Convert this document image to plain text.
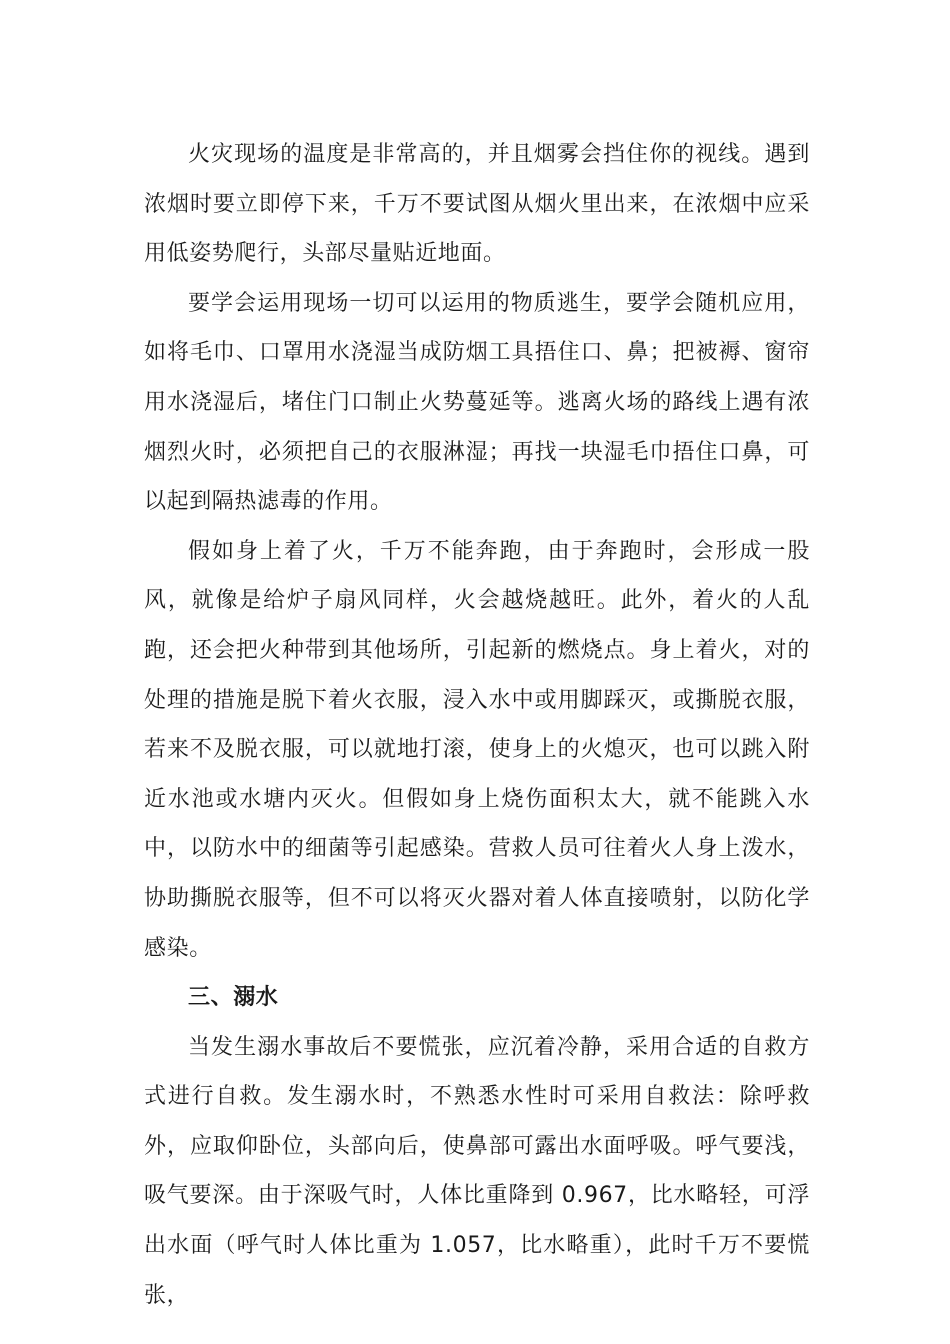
火灾现场的温度是非常高的，并且烟雾会挡住你的视线。遇到浓烟时要立即停下来，千万不要试图从烟火里出来，在浓烟中应采用低姿势爬行，头部尽量贴近地面。

要学会运用现场一切可以运用的物质逃生，要学会随机应用，如将毛巾、口罩用水浇湿当成防烟工具捂住口、鼻；把被褥、窗帘用水浇湿后，堵住门口制止火势蔓延等。逃离火场的路线上遇有浓烟烈火时，必须把自己的衣服淋湿；再找一块湿毛巾捂住口鼻，可以起到隔热滤毒的作用。

假如身上着了火，千万不能奔跑，由于奔跑时，会形成一股风，就像是给炉子扇风同样，火会越烧越旺。此外，着火的人乱跑，还会把火种带到其他场所，引起新的燃烧点。身上着火，对的处理的措施是脱下着火衣服，浸入水中或用脚踩灭，或撕脱衣服，若来不及脱衣服，可以就地打滚，使身上的火熄灭，也可以跳入附近水池或水塘内灭火。但假如身上烧伤面积太大，就不能跳入水中，以防水中的细菌等引起感染。营救人员可往着火人身上泼水，协助撕脱衣服等，但不可以将灭火器对着人体直接喷射，以防化学感染。

三、溺水

当发生溺水事故后不要慌张，应沉着冷静，采用合适的自救方式进行自救。发生溺水时，不熟悉水性时可采用自救法：除呼救外，应取仰卧位，头部向后，使鼻部可露出水面呼吸。呼气要浅，吸气要深。由于深吸气时，人体比重降到 0.967，比水略轻，可浮出水面（呼气时人体比重为 1.057，比水略重），此时千万不要慌张，
